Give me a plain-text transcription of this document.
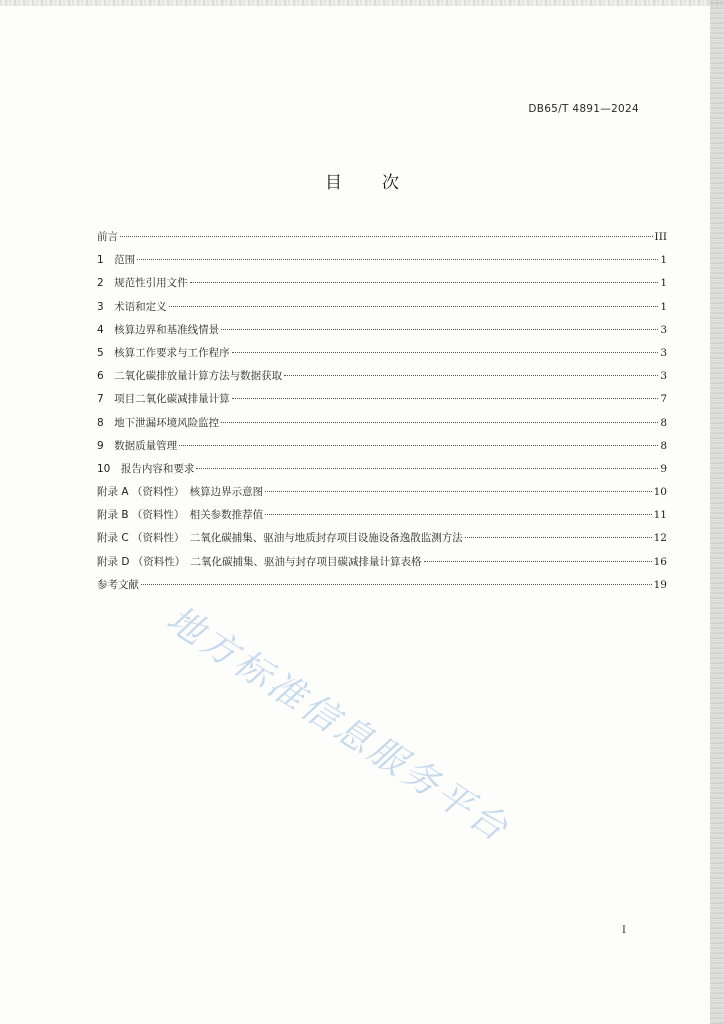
DB65/T 4891—2024
目次
前言	III
1　范围	1
2　规范性引用文件	1
3　术语和定义	1
4　核算边界和基准线情景	3
5　核算工作要求与工作程序	3
6　二氧化碳排放量计算方法与数据获取	3
7　项目二氧化碳减排量计算	7
8　地下泄漏环境风险监控	8
9　数据质量管理	8
10　报告内容和要求	9
附录 A （资料性）　核算边界示意图	10
附录 B （资料性）　相关参数推荐值	11
附录 C （资料性）　二氧化碳捕集、驱油与地质封存项目设施设备逸散监测方法	12
附录 D （资料性）　二氧化碳捕集、驱油与封存项目碳减排量计算表格	16
参考文献	19
地方标准信息服务平台
I
